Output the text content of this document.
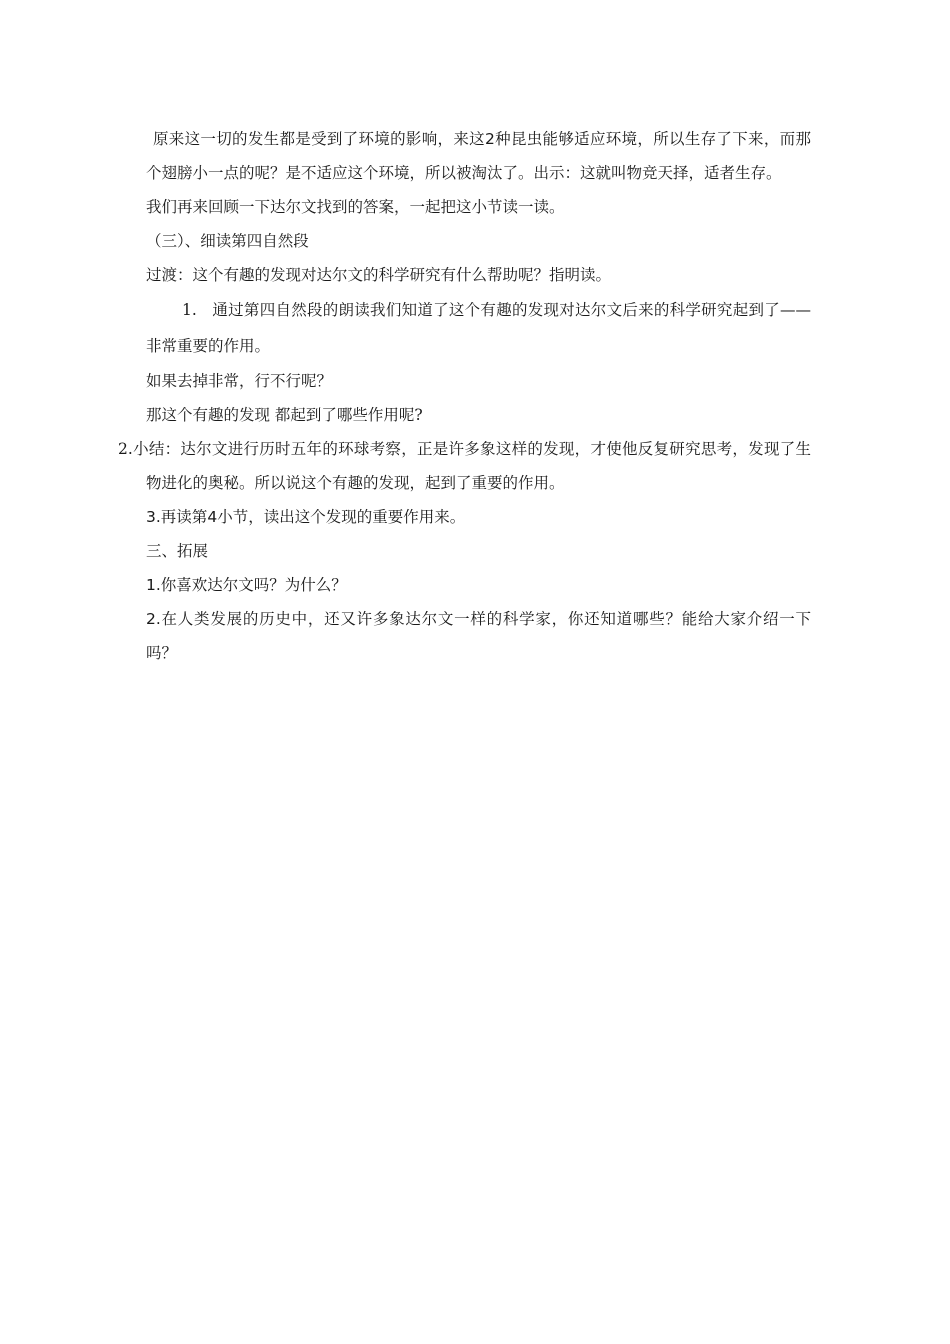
原来这一切的发生都是受到了环境的影响，来这2种昆虫能够适应环境，所以生存了下来，而那个翅膀小一点的呢？是不适应这个环境，所以被淘汰了。出示：这就叫物竞天择，适者生存。

我们再来回顾一下达尔文找到的答案，一起把这小节读一读。

（三）、细读第四自然段

过渡：这个有趣的发现对达尔文的科学研究有什么帮助呢？指明读。

1. 通过第四自然段的朗读我们知道了这个有趣的发现对达尔文后来的科学研究起到了——非常重要的作用。

如果去掉非常，行不行呢？

那这个有趣的发现 都起到了哪些作用呢?

2.小结：达尔文进行历时五年的环球考察，正是许多象这样的发现，才使他反复研究思考，发现了生物进化的奥秘。所以说这个有趣的发现，起到了重要的作用。

3.再读第4小节，读出这个发现的重要作用来。

三、拓展

1.你喜欢达尔文吗？为什么？

2.在人类发展的历史中，还又许多象达尔文一样的科学家，你还知道哪些？能给大家介绍一下吗？
